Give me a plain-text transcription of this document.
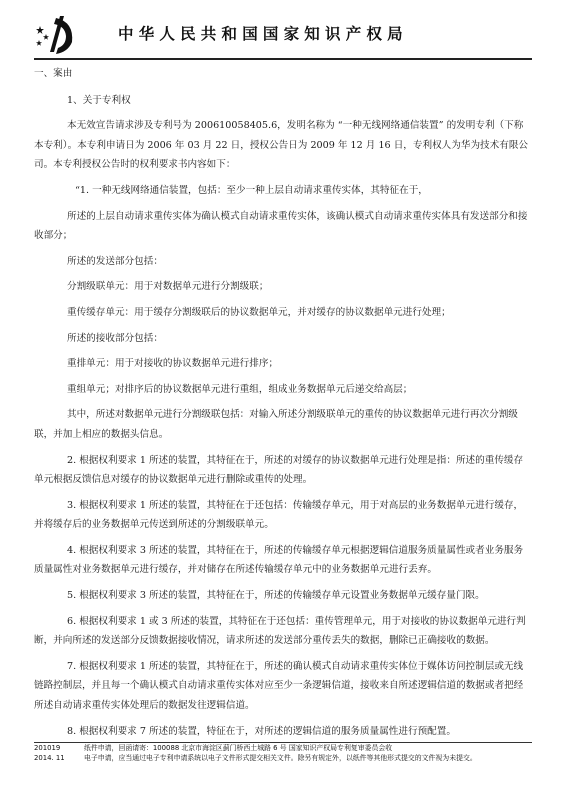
中华人民共和国国家知识产权局

一、案由

1、关于专利权

本无效宣告请求涉及专利号为 200610058405.6，发明名称为 “一种无线网络通信装置” 的发明专利（下称本专利）。本专利申请日为 2006 年 03 月 22 日，授权公告日为 2009 年 12 月 16 日，专利权人为华为技术有限公司。本专利授权公告时的权利要求书内容如下：

“1. 一种无线网络通信装置，包括：至少一种上层自动请求重传实体，其特征在于，

所述的上层自动请求重传实体为确认模式自动请求重传实体，该确认模式自动请求重传实体具有发送部分和接收部分；

所述的发送部分包括：

分割级联单元：用于对数据单元进行分割级联；

重传缓存单元：用于缓存分割级联后的协议数据单元，并对缓存的协议数据单元进行处理；

所述的接收部分包括：

重排单元：用于对接收的协议数据单元进行排序；

重组单元；对排序后的协议数据单元进行重组，组成业务数据单元后递交给高层；

其中，所述对数据单元进行分割级联包括：对输入所述分割级联单元的重传的协议数据单元进行再次分割级联，并加上相应的数据头信息。

2. 根据权利要求 1 所述的装置，其特征在于，所述的对缓存的协议数据单元进行处理是指：所述的重传缓存单元根据反馈信息对缓存的协议数据单元进行删除或重传的处理。

3. 根据权利要求 1 所述的装置，其特征在于还包括：传输缓存单元，用于对高层的业务数据单元进行缓存，并将缓存后的业务数据单元传送到所述的分割级联单元。

4. 根据权利要求 3 所述的装置，其特征在于，所述的传输缓存单元根据逻辑信道服务质量属性或者业务服务质量属性对业务数据单元进行缓存，并对储存在所述传输缓存单元中的业务数据单元进行丢弃。

5. 根据权利要求 3 所述的装置，其特征在于，所述的传输缓存单元设置业务数据单元缓存量门限。

6. 根据权利要求 1 或 3 所述的装置，其特征在于还包括：重传管理单元，用于对接收的协议数据单元进行判断，并向所述的发送部分反馈数据接收情况，请求所述的发送部分重传丢失的数据，删除已正确接收的数据。

7. 根据权利要求 1 所述的装置，其特征在于，所述的确认模式自动请求重传实体位于媒体访问控制层或无线链路控制层，并且每一个确认模式自动请求重传实体对应至少一条逻辑信道，接收来自所述逻辑信道的数据或者把经所述自动请求重传实体处理后的数据发往逻辑信道。

8. 根据权利要求 7 所述的装置，特征在于，对所述的逻辑信道的服务质量属性进行预配置。

201019	纸件申请，回函请寄：100088 北京市海淀区蓟门桥西土城路 6 号 国家知识产权局专利复审委员会收
2014. 11	电子申请，应当通过电子专利申请系统以电子文件形式提交相关文件。除另有规定外，以纸件等其他形式提交的文件视为未提交。
